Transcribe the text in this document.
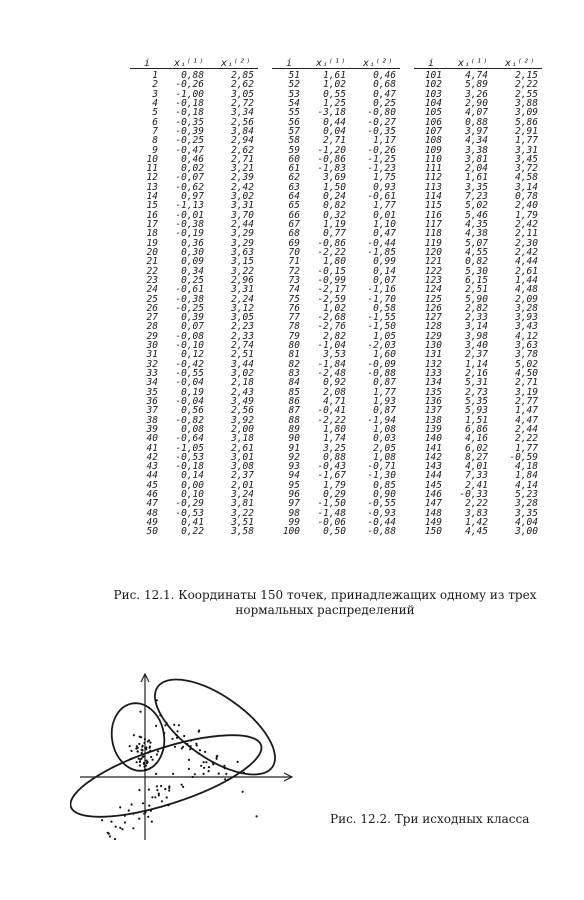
i	xᵢ⁽¹⁾	xᵢ⁽²⁾
1	0,88	2,85
2	-0,26	2,62
3	-1,00	3,05
4	-0,18	2,72
5	-0,18	3,34
6	-0,35	2,56
7	-0,39	3,84
8	-0,25	2,94
9	-0,47	2,62
10	0,46	2,71
11	0,02	3,21
12	-0,07	2,39
13	-0,62	2,42
14	0,97	3,02
15	-1,13	3,31
16	-0,01	3,70
17	-0,38	2,44
18	-0,19	3,29
19	0,36	3,29
20	0,30	3,63
21	0,09	3,15
22	0,34	3,22
23	0,25	2,96
24	-0,61	3,31
25	-0,38	2,24
26	-0,25	3,12
27	0,39	3,05
28	0,07	2,23
29	-0,08	2,33
30	-0,10	2,74
31	0,12	2,51
32	-0,42	3,44
33	-0,55	3,02
34	-0,04	2,18
35	0,19	2,43
36	-0,04	3,49
37	0,56	2,56
38	-0,82	3,92
39	0,08	2,00
40	-0,64	3,18
41	-1,05	2,61
42	-0,53	3,01
43	-0,18	3,08
44	0,14	2,37
45	0,00	2,01
46	0,10	3,24
47	-0,29	3,81
48	-0,53	3,22
49	0,41	3,51
50	0,22	3,58
i	xᵢ⁽¹⁾	xᵢ⁽²⁾
51	1,61	0,46
52	1,02	0,68
53	0,55	0,47
54	1,25	0,25
55	-3,18	-0,80
56	0,44	-0,27
57	0,04	-0,35
58	2,71	1,17
59	-1,20	-0,26
60	-0,86	-1,25
61	-1,83	-1,23
62	3,69	1,75
63	1,50	0,93
64	0,24	-0,61
65	0,82	1,77
66	0,32	0,01
67	1,19	1,10
68	0,77	0,47
69	-0,86	-0,44
70	-2,22	-1,85
71	1,80	0,99
72	-0,15	0,14
73	-0,99	0,07
74	-2,17	-1,16
75	-2,59	-1,70
76	1,02	0,58
77	-2,68	-1,55
78	-2,76	-1,50
79	2,82	1,05
80	-1,04	-2,03
81	3,53	1,60
82	-1,84	-0,09
83	-2,48	-0,88
84	0,92	0,87
85	2,08	1,77
86	4,71	1,93
87	-0,41	0,87
88	-2,22	-1,94
89	1,80	1,08
90	1,74	0,03
91	3,25	2,05
92	0,88	1,08
93	-0,43	-0,71
94	-1,67	-1,30
95	1,79	0,85
96	0,29	0,90
97	-1,50	-0,55
98	-1,48	-0,93
99	-0,06	-0,44
100	0,50	-0,88
i	xᵢ⁽¹⁾	xᵢ⁽²⁾
101	4,74	2,15
102	5,89	2,22
103	3,26	2,55
104	2,90	3,88
105	4,07	3,09
106	0,88	5,86
107	3,97	2,91
108	4,34	1,77
109	3,38	3,31
110	3,81	3,45
111	2,04	3,72
112	1,61	4,58
113	3,35	3,14
114	7,23	0,78
115	5,02	2,40
116	5,46	1,79
117	4,35	2,42
118	4,38	2,11
119	5,07	2,30
120	4,55	2,42
121	0,82	4,44
122	5,30	2,61
123	6,15	1,44
124	2,51	4,48
125	5,90	2,09
126	2,82	3,28
127	2,33	3,93
128	3,14	3,43
129	3,98	4,12
130	3,40	3,63
131	2,37	3,78
132	1,14	5,02
133	2,16	4,50
134	5,31	2,71
135	2,73	3,19
136	5,35	2,77
137	5,93	1,47
138	1,51	4,47
139	6,86	2,44
140	4,16	2,22
141	6,02	1,77
142	8,27	-0,59
143	4,01	4,18
144	7,33	1,84
145	2,41	4,14
146	-0,33	5,23
147	2,22	3,28
148	3,83	3,35
149	1,42	4,04
150	4,45	3,00
Рис. 12.1. Координаты 150 точек, принадлежащих одному из трех нормальных распределений
Рис. 12.2. Три исходных класса
